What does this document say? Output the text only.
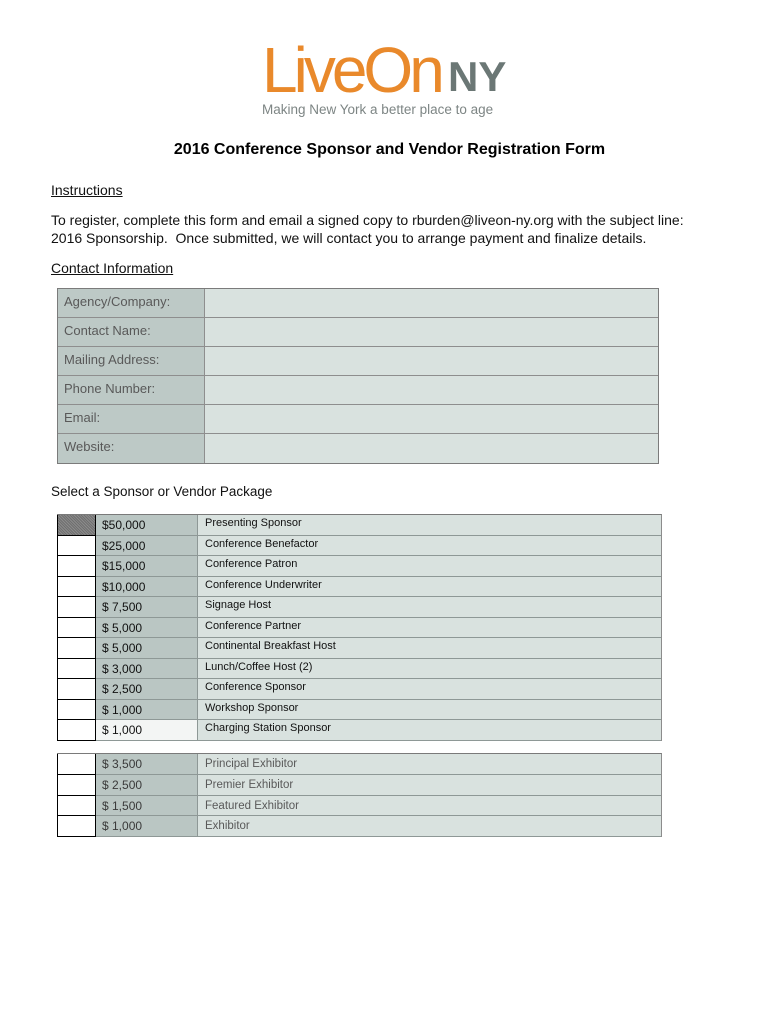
LiveOn NY
Making New York a better place to age
2016 Conference Sponsor and Vendor Registration Form
Instructions
To register, complete this form and email a signed copy to rburden@liveon-ny.org with the subject line:
2016 Sponsorship.  Once submitted, we will contact you to arrange payment and finalize details.
Contact Information
Agency/Company:
Contact Name:
Mailing Address:
Phone Number:
Email:
Website:
Select a Sponsor or Vendor Package
$50,000	Presenting Sponsor
$25,000	Conference Benefactor
$15,000	Conference Patron
$10,000	Conference Underwriter
$ 7,500	Signage Host
$ 5,000	Conference Partner
$ 5,000	Continental Breakfast Host
$ 3,000	Lunch/Coffee Host (2)
$ 2,500	Conference Sponsor
$ 1,000	Workshop Sponsor
$ 1,000	Charging Station Sponsor
$ 3,500	Principal Exhibitor
$ 2,500	Premier Exhibitor
$ 1,500	Featured Exhibitor
$ 1,000	Exhibitor
